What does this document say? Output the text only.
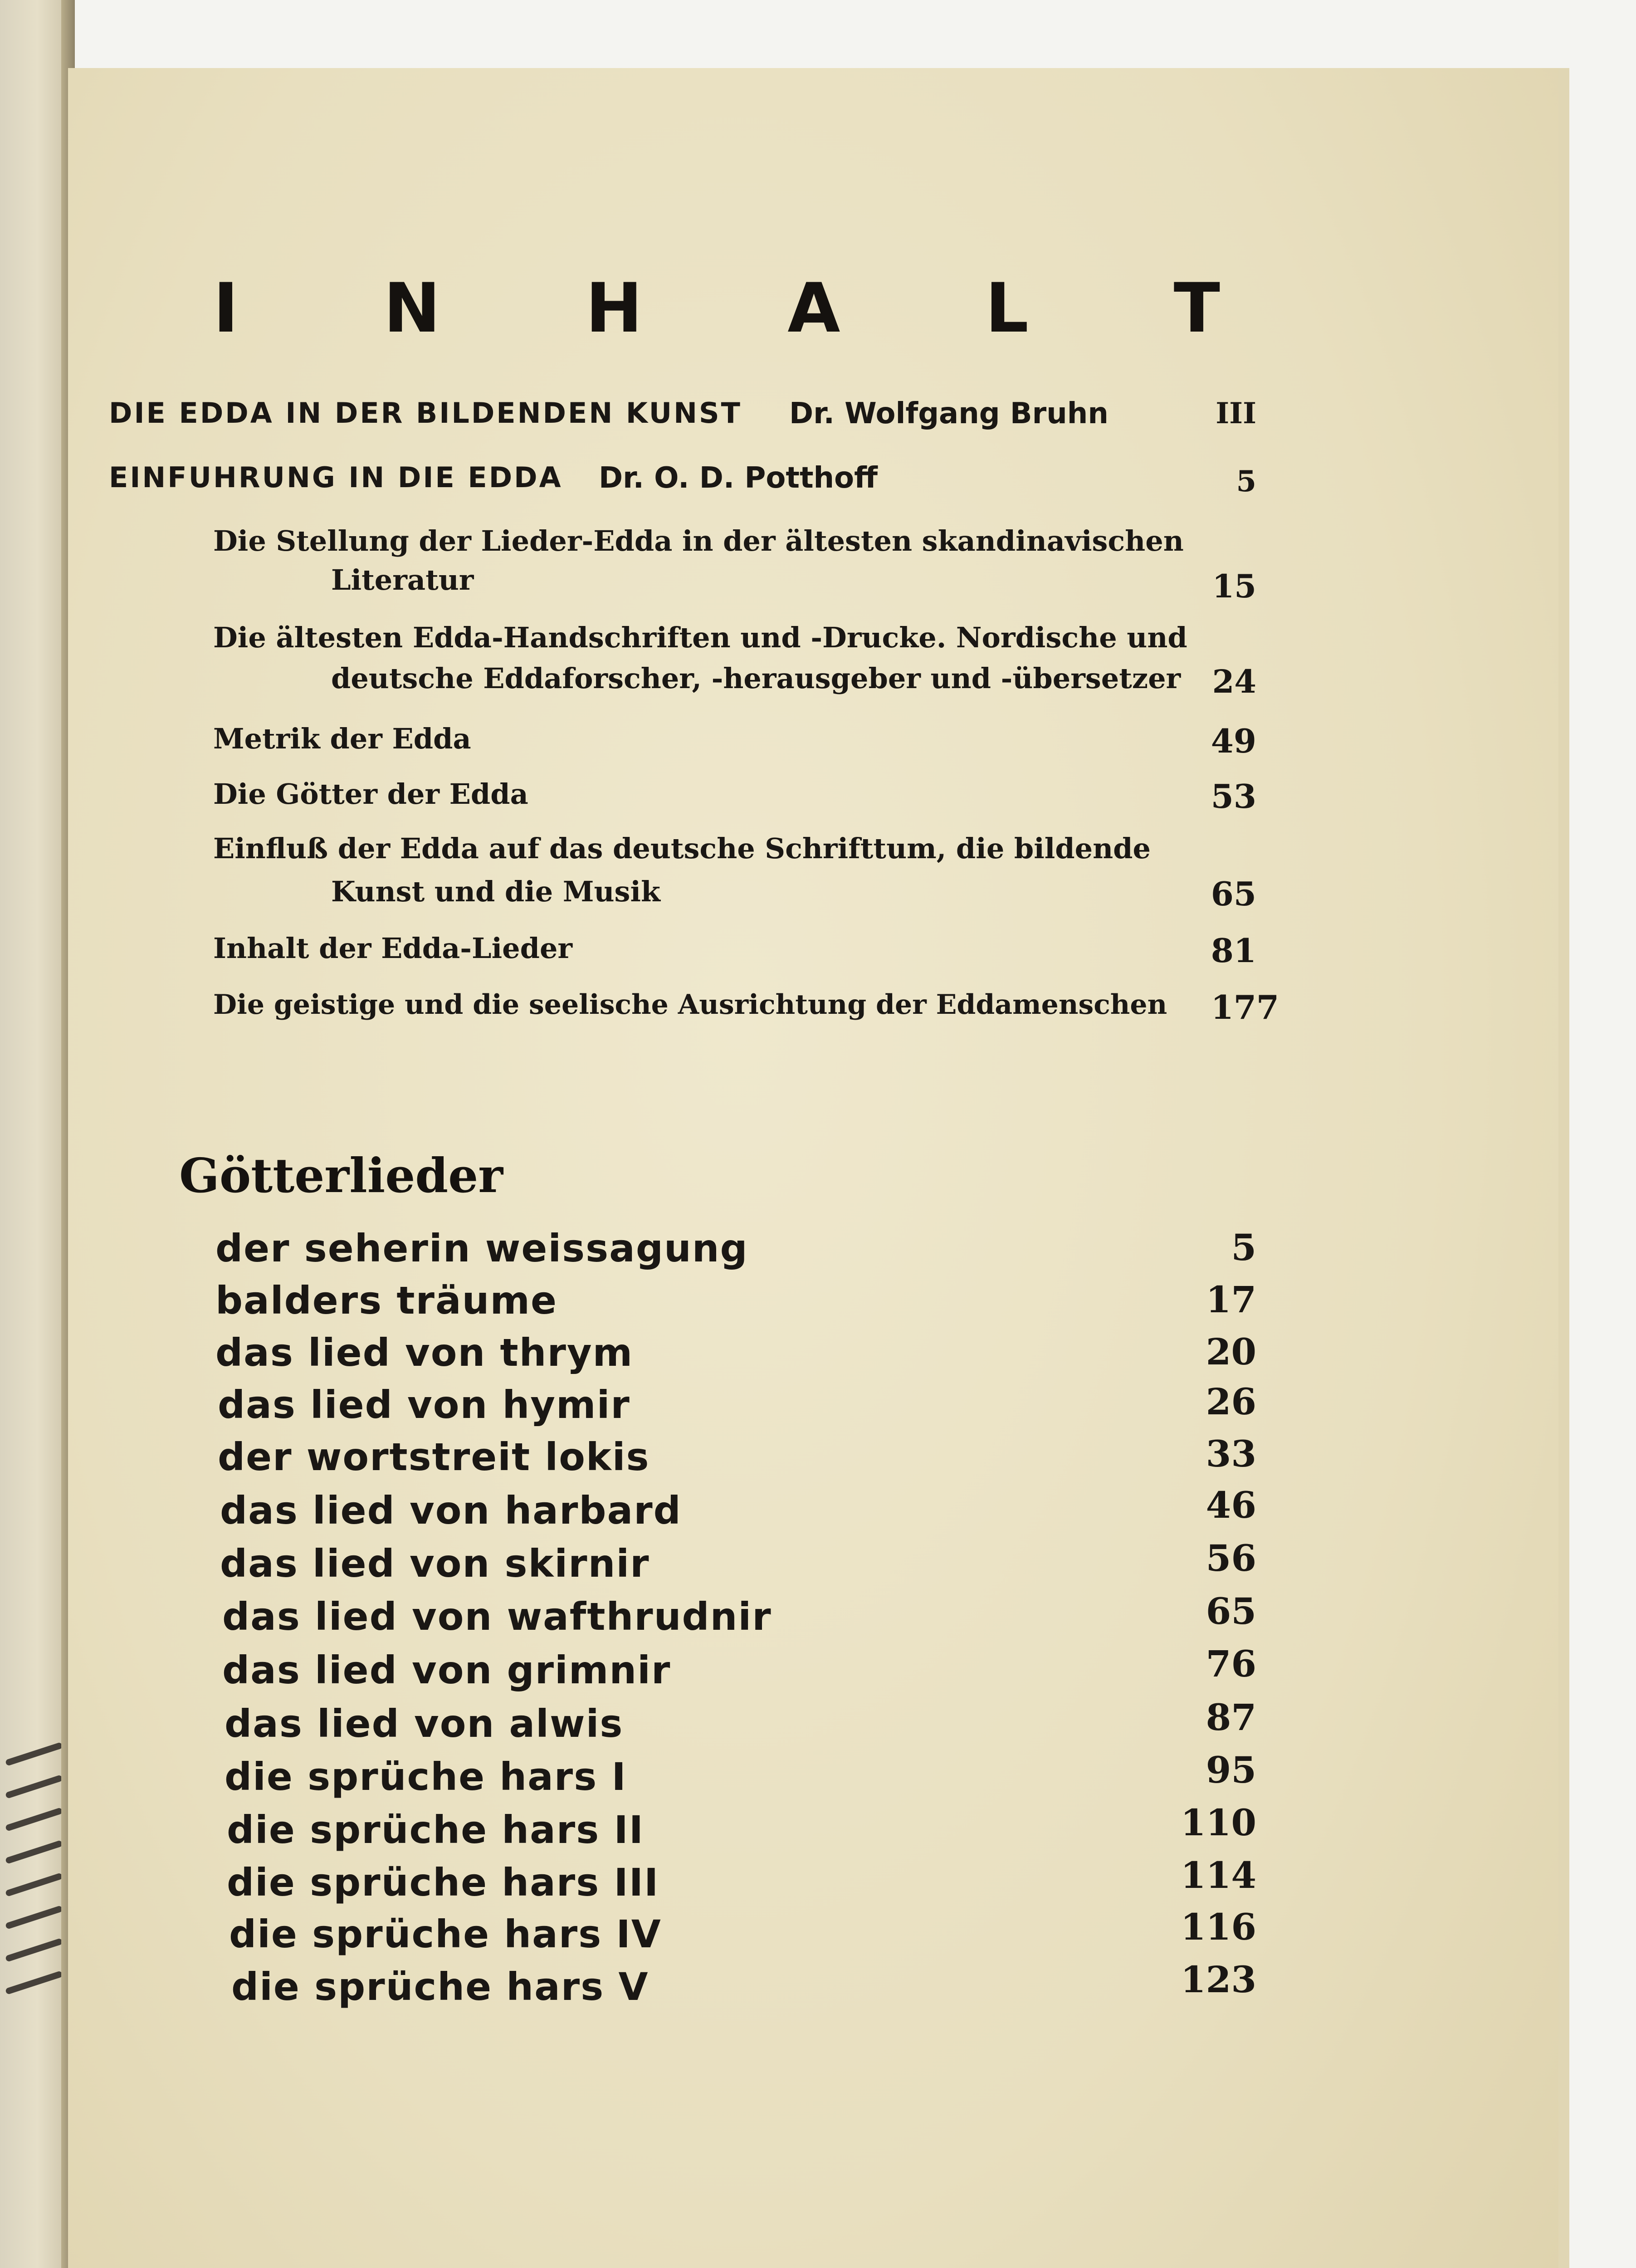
I N H A L T
DIE EDDA IN DER BILDENDEN KUNST Dr. Wolfgang Bruhn	III
EINFUHRUNG IN DIE EDDA Dr. O. D. Potthoff	5
Die Stellung der Lieder-Edda in der ältesten skandinavischen
Literatur	15
Die ältesten Edda-Handschriften und -Drucke. Nordische und
deutsche Eddaforscher, -herausgeber und -übersetzer 24
Metrik der Edda	49
Die Götter der Edda	53
Einfluß der Edda auf das deutsche Schrifttum, die bildende
Kunst und die Musik	65
Inhalt der Edda-Lieder	81
Die geistige und die seelische Ausrichtung der Eddamenschen	177
Götterlieder
der seherin weissagung	5
balders träume	17
das lied von thrym	20
das lied von hymir	26
der wortstreit lokis	33
das lied von harbard	46
das lied von skirnir	56
das lied von wafthrudnir	65
das lied von grimnir	76
das lied von alwis	87
die sprüche hars I	95
die sprüche hars II	110
die sprüche hars III	114
die sprüche hars IV	116
die sprüche hars V	123
